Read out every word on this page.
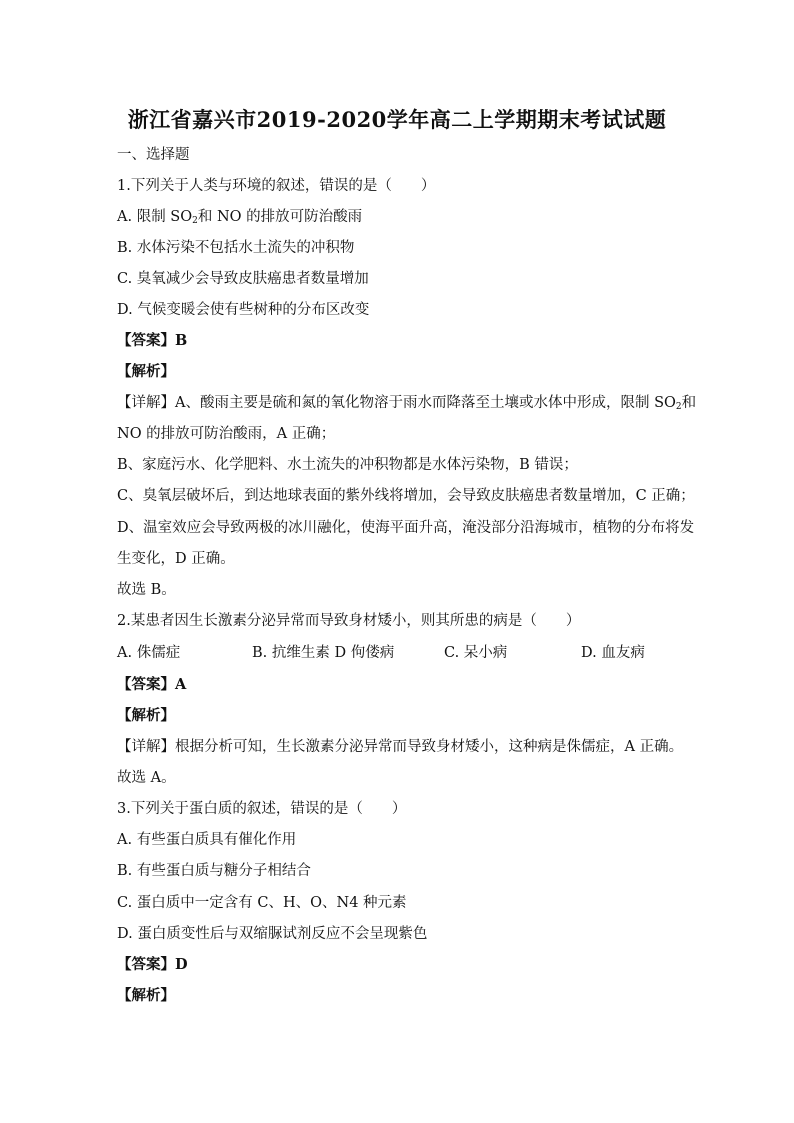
浙江省嘉兴市2019-2020学年高二上学期期末考试试题
一、选择题
1.下列关于人类与环境的叙述，错误的是（　　）
A. 限制 $SO_2$和 NO 的排放可防治酸雨
B. 水体污染不包括水土流失的冲积物
C. 臭氧减少会导致皮肤癌患者数量增加
D. 气候变暖会使有些树种的分布区改变
【答案】B
【解析】
【详解】A、酸雨主要是硫和氮的氧化物溶于雨水而降落至土壤或水体中形成，限制 $SO_2$和
NO 的排放可防治酸雨，A 正确；
B、家庭污水、化学肥料、水土流失的冲积物都是水体污染物，B 错误；
C、臭氧层破坏后，到达地球表面的紫外线将增加，会导致皮肤癌患者数量增加，C 正确；
D、温室效应会导致两极的冰川融化，使海平面升高，淹没部分沿海城市，植物的分布将发
生变化，D 正确。
故选 B。
2.某患者因生长激素分泌异常而导致身材矮小，则其所患的病是（　　）
A. 侏儒症	B. 抗维生素 D 佝偻病	C. 呆小病	D. 血友病
【答案】A
【解析】
【详解】根据分析可知，生长激素分泌异常而导致身材矮小，这种病是侏儒症，A 正确。
故选 A。
3.下列关于蛋白质的叙述，错误的是（　　）
A. 有些蛋白质具有催化作用
B. 有些蛋白质与糖分子相结合
C. 蛋白质中一定含有 C、H、O、N4 种元素
D. 蛋白质变性后与双缩脲试剂反应不会呈现紫色
【答案】D
【解析】
